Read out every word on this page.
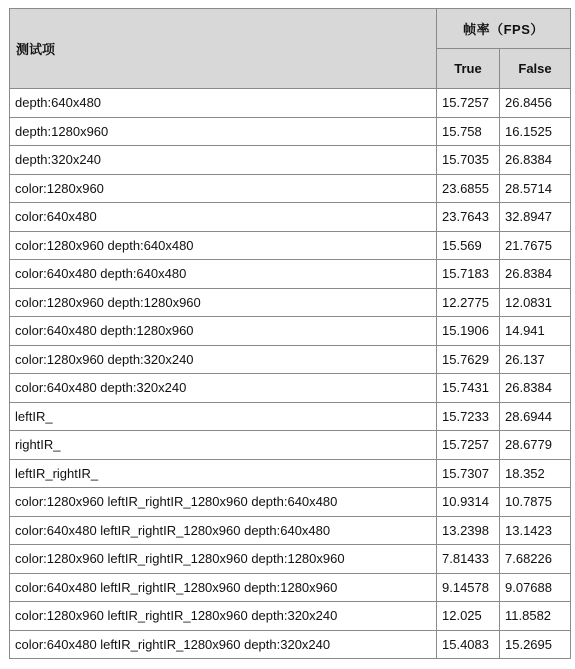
测试项	帧率（FPS）	
	True	False
depth:640x480	15.7257	26.8456
depth:1280x960	15.758	16.1525
depth:320x240	15.7035	26.8384
color:1280x960	23.6855	28.5714
color:640x480	23.7643	32.8947
color:1280x960 depth:640x480	15.569	21.7675
color:640x480 depth:640x480	15.7183	26.8384
color:1280x960 depth:1280x960	12.2775	12.0831
color:640x480 depth:1280x960	15.1906	14.941
color:1280x960 depth:320x240	15.7629	26.137
color:640x480 depth:320x240	15.7431	26.8384
leftIR_	15.7233	28.6944
rightIR_	15.7257	28.6779
leftIR_rightIR_	15.7307	18.352
color:1280x960 leftIR_rightIR_1280x960 depth:640x480	10.9314	10.7875
color:640x480 leftIR_rightIR_1280x960 depth:640x480	13.2398	13.1423
color:1280x960 leftIR_rightIR_1280x960 depth:1280x960	7.81433	7.68226
color:640x480 leftIR_rightIR_1280x960 depth:1280x960	9.14578	9.07688
color:1280x960 leftIR_rightIR_1280x960 depth:320x240	12.025	11.8582
color:640x480 leftIR_rightIR_1280x960 depth:320x240	15.4083	15.2695
